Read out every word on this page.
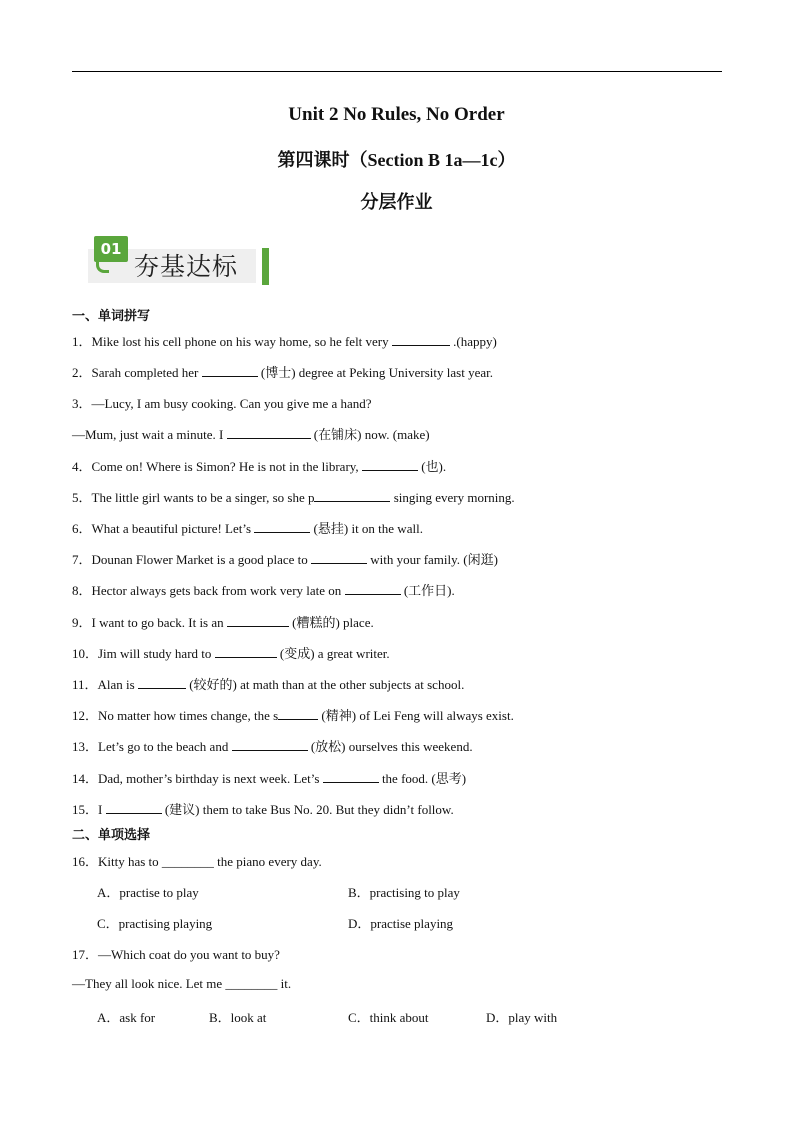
Unit 2 No Rules, No Order
第四课时（Section B 1a—1c）
分层作业
01
夯基达标
一、单词拼写
1．Mike lost his cell phone on his way home, so he felt very	.(happy)
2．Sarah completed her	(博士) degree at Peking University last year.
3．—Lucy, I am busy cooking. Can you give me a hand?
—Mum, just wait a minute. I	(在铺床) now. (make)
4．Come on! Where is Simon? He is not in the library,	(也).
5．The little girl wants to be a singer, so she p	singing every morning.
6．What a beautiful picture! Let’s	(悬挂) it on the wall.
7．Dounan Flower Market is a good place to	with your family. (闲逛)
8．Hector always gets back from work very late on	(工作日).
9．I want to go back. It is an	(糟糕的) place.
10．Jim will study hard to	(变成) a great writer.
11．Alan is	(较好的) at math than at the other subjects at school.
12．No matter how times change, the s	(精神) of Lei Feng will always exist.
13．Let’s go to the beach and	(放松) ourselves this weekend.
14．Dad, mother’s birthday is next week. Let’s	the food. (思考)
15．I	(建议) them to take Bus No. 20. But they didn’t follow.
二、单项选择
16．Kitty has to ________ the piano every day.
A．practise to play	B．practising to play
C．practising playing	D．practise playing
17．—Which coat do you want to buy?
—They all look nice. Let me ________ it.
A．ask for	B．look at	C．think about	D．play with
